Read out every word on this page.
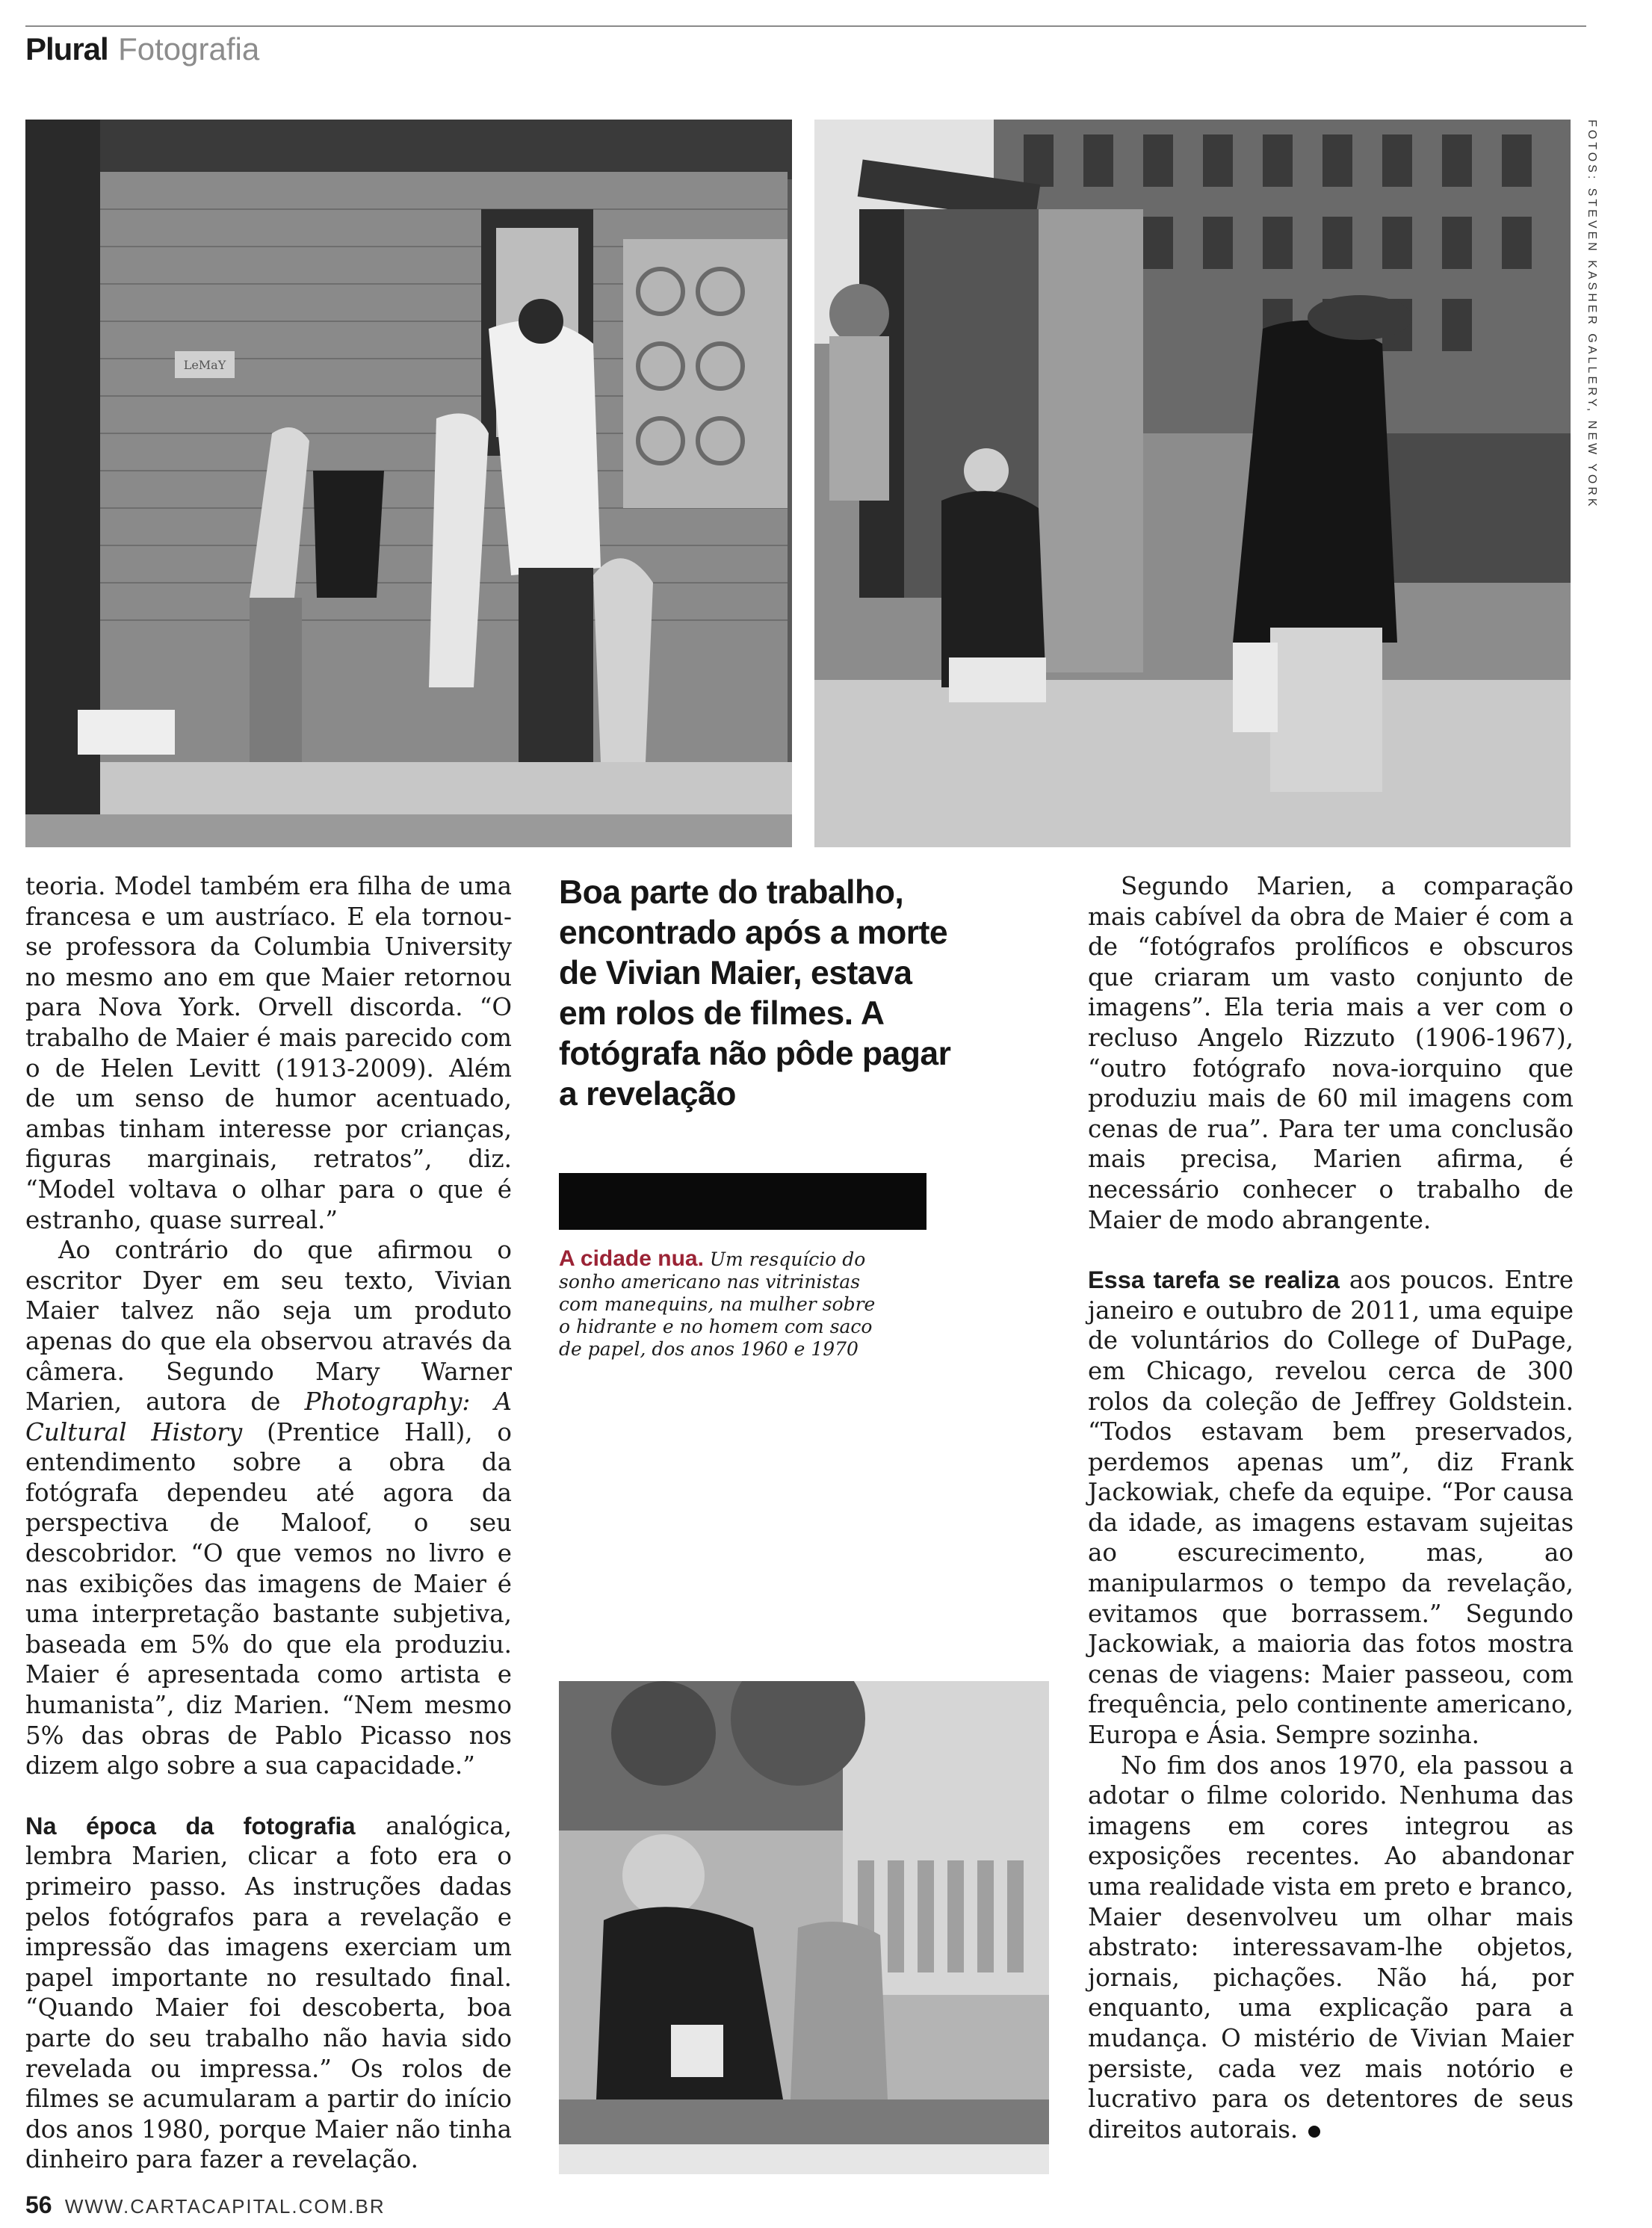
Plural Fotografia
LeMaY	FOTOS: STEVEN KASHER GALLERY, NEW YORK

teoria. Model também era filha de uma francesa e um austríaco. E ela tornou-se professora da Columbia University no mesmo ano em que Maier retornou para Nova York. Orvell discorda. “O trabalho de Maier é mais parecido com o de Helen Levitt (1913-2009). Além de um senso de humor acentuado, ambas tinham interesse por crianças, figuras marginais, retratos”, diz. “Model voltava o olhar para o que é estranho, quase surreal.”

Ao contrário do que afirmou o escritor Dyer em seu texto, Vivian Maier talvez não seja um produto apenas do que ela observou através da câmera. Segundo Mary Warner Marien, autora de Photography: A Cultural History (Prentice Hall), o entendimento sobre a obra da fotógrafa dependeu até agora da perspectiva de Maloof, o seu descobridor. “O que vemos no livro e nas exibições das imagens de Maier é uma interpretação bastante subjetiva, baseada em 5% do que ela produziu. Maier é apresentada como artista e humanista”, diz Marien. “Nem mesmo 5% das obras de Pablo Picasso nos dizem algo sobre a sua capacidade.”

Na época da fotografia analógica, lembra Marien, clicar a foto era o primeiro passo. As instruções dadas pelos fotógrafos para a revelação e impressão das imagens exerciam um papel importante no resultado final. “Quando Maier foi descoberta, boa parte do seu trabalho não havia sido revelada ou impressa.” Os rolos de filmes se acumularam a partir do início dos anos 1980, porque Maier não tinha dinheiro para fazer a revelação.

Boa parte do trabalho, encontrado após a morte de Vivian Maier, estava em rolos de filmes. A fotógrafa não pôde pagar a revelação
A cidade nua. Um resquício do sonho americano nas vitrinistas com manequins, na mulher sobre o hidrante e no homem com saco de papel, dos anos 1960 e 1970

Segundo Marien, a comparação mais cabível da obra de Maier é com a de “fotógrafos prolíficos e obscuros que criaram um vasto conjunto de imagens”. Ela teria mais a ver com o recluso Angelo Rizzuto (1906-1967), “outro fotógrafo nova-iorquino que produziu mais de 60 mil imagens com cenas de rua”. Para ter uma conclusão mais precisa, Marien afirma, é necessário conhecer o trabalho de Maier de modo abrangente.

Essa tarefa se realiza aos poucos. Entre janeiro e outubro de 2011, uma equipe de voluntários do College of DuPage, em Chicago, revelou cerca de 300 rolos da coleção de Jeffrey Goldstein. “Todos estavam bem preservados, perdemos apenas um”, diz Frank Jackowiak, chefe da equipe. “Por causa da idade, as imagens estavam sujeitas ao escurecimento, mas, ao manipularmos o tempo da revelação, evitamos que borrassem.” Segundo Jackowiak, a maioria das fotos mostra cenas de viagens: Maier passeou, com frequência, pelo continente americano, Europa e Ásia. Sempre sozinha.

No fim dos anos 1970, ela passou a adotar o filme colorido. Nenhuma das imagens em cores integrou as exposições recentes. Ao abandonar uma realidade vista em preto e branco, Maier desenvolveu um olhar mais abstrato: interessavam-lhe objetos, jornais, pichações. Não há, por enquanto, uma explicação para a mudança. O mistério de Vivian Maier persiste, cada vez mais notório e lucrativo para os detentores de seus direitos autorais.

56 WWW.CARTACAPITAL.COM.BR
